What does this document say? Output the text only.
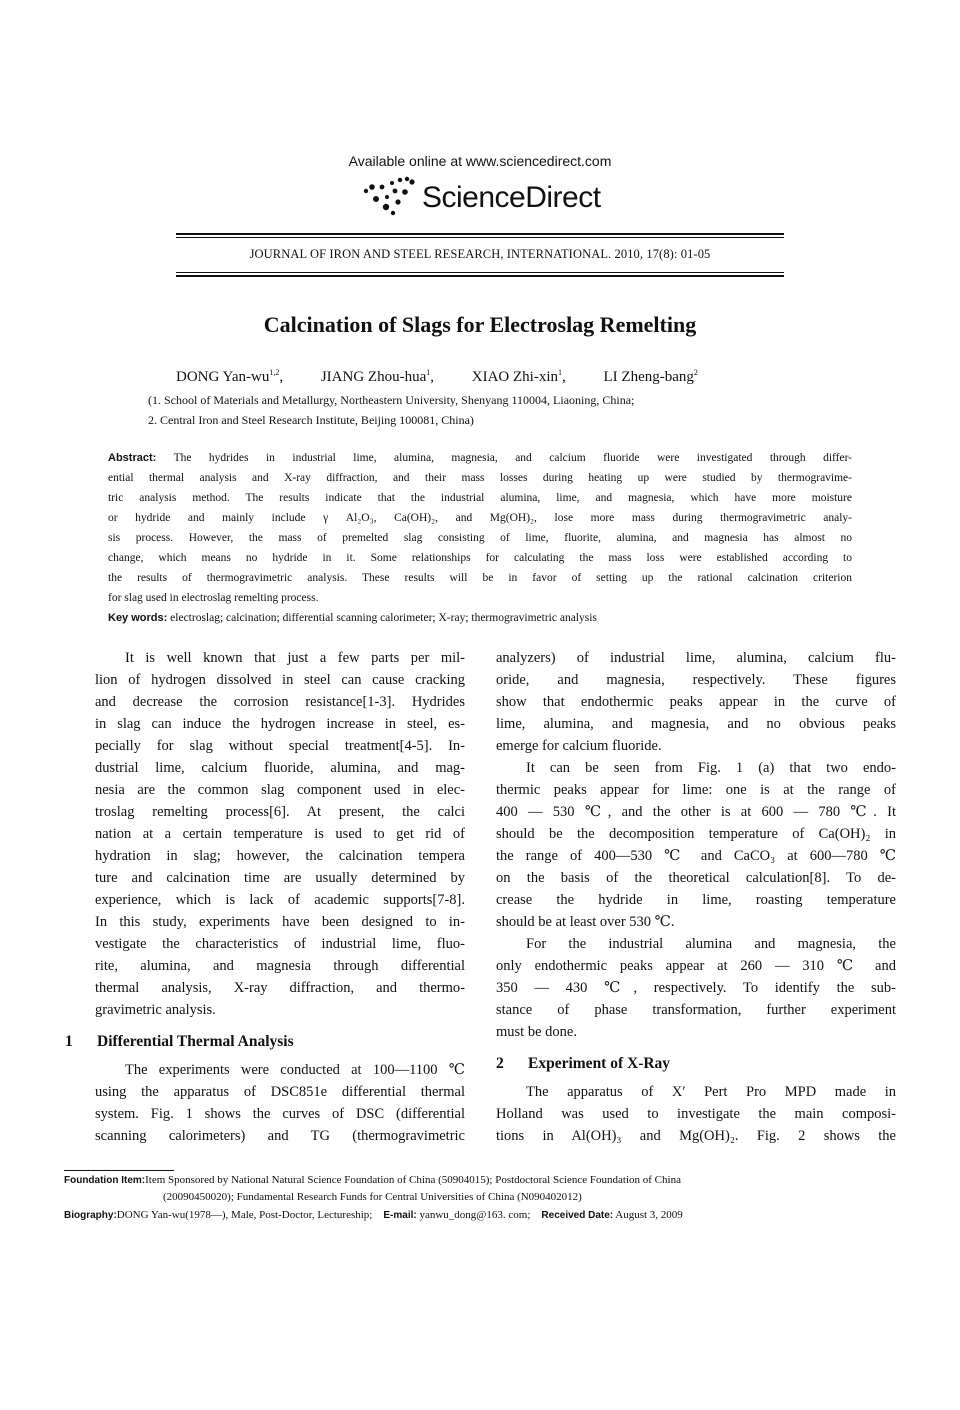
Available online at www.sciencedirect.com
ScienceDirect
JOURNAL OF IRON AND STEEL RESEARCH, INTERNATIONAL. 2010, 17(8): 01-05
Calcination of Slags for Electroslag Remelting
DONG Yan-wu$^{1,2}$,	JIANG Zhou-hua$^1$,	XIAO Zhi-xin$^1$,	LI Zheng-bang$^2$
(1. School of Materials and Metallurgy, Northeastern University, Shenyang 110004, Liaoning, China;
2. Central Iron and Steel Research Institute, Beijing 100081, China)
Abstract: The hydrides in industrial lime, alumina, magnesia, and calcium fluoride were investigated through differ-
ential thermal analysis and X-ray diffraction, and their mass losses during heating up were studied by thermogravime-
tric analysis method. The results indicate that the industrial alumina, lime, and magnesia, which have more moisture
or hydride and mainly include γ Al₂O₃, Ca(OH)₂, and Mg(OH)₂, lose more mass during thermogravimetric analy-
sis process. However, the mass of premelted slag consisting of lime, fluorite, alumina, and magnesia has almost no
change, which means no hydride in it. Some relationships for calculating the mass loss were established according to
the results of thermogravimetric analysis. These results will be in favor of setting up the rational calcination criterion
for slag used in electroslag remelting process.
Key words: electroslag; calcination; differential scanning calorimeter; X-ray; thermogravimetric analysis
It is well known that just a few parts per mil-
lion of hydrogen dissolved in steel can cause cracking
and decrease the corrosion resistance[1-3]. Hydrides
in slag can induce the hydrogen increase in steel, es-
pecially for slag without special treatment[4-5]. In-
dustrial lime, calcium fluoride, alumina, and mag-
nesia are the common slag component used in elec-
troslag remelting process[6]. At present, the calci
nation at a certain temperature is used to get rid of
hydration in slag; however, the calcination tempera
ture and calcination time are usually determined by
experience, which is lack of academic supports[7-8].
In this study, experiments have been designed to in-
vestigate the characteristics of industrial lime, fluo-
rite, alumina, and magnesia through differential
thermal analysis, X-ray diffraction, and thermo-
gravimetric analysis.
1 Differential Thermal Analysis
The experiments were conducted at 100—1100 ℃
using the apparatus of DSC851e differential thermal
system. Fig. 1 shows the curves of DSC (differential
scanning calorimeters) and TG (thermogravimetric
analyzers) of industrial lime, alumina, calcium flu-
oride, and magnesia, respectively. These figures
show that endothermic peaks appear in the curve of
lime, alumina, and magnesia, and no obvious peaks
emerge for calcium fluoride.
It can be seen from Fig. 1 (a) that two endo-
thermic peaks appear for lime: one is at the range of
400 — 530 ℃, and the other is at 600 — 780 ℃. It
should be the decomposition temperature of Ca(OH)₂ in
the range of 400—530 ℃ and CaCO₃ at 600—780 ℃
on the basis of the theoretical calculation[8]. To de-
crease the hydride in lime, roasting temperature
should be at least over 530 ℃.
For the industrial alumina and magnesia, the
only endothermic peaks appear at 260 — 310 ℃ and
350 — 430 ℃, respectively. To identify the sub-
stance of phase transformation, further experiment
must be done.
2 Experiment of X-Ray
The apparatus of X′ Pert Pro MPD made in
Holland was used to investigate the main composi-
tions in Al(OH)₃ and Mg(OH)₂. Fig. 2 shows the
Foundation Item:Item Sponsored by National Natural Science Foundation of China (50904015); Postdoctoral Science Foundation of China
(20090450020); Fundamental Research Funds for Central Universities of China (N090402012)
Biography:DONG Yan-wu(1978—), Male, Post-Doctor, Lectureship; E-mail: yanwu_dong@163. com; Received Date: August 3, 2009
